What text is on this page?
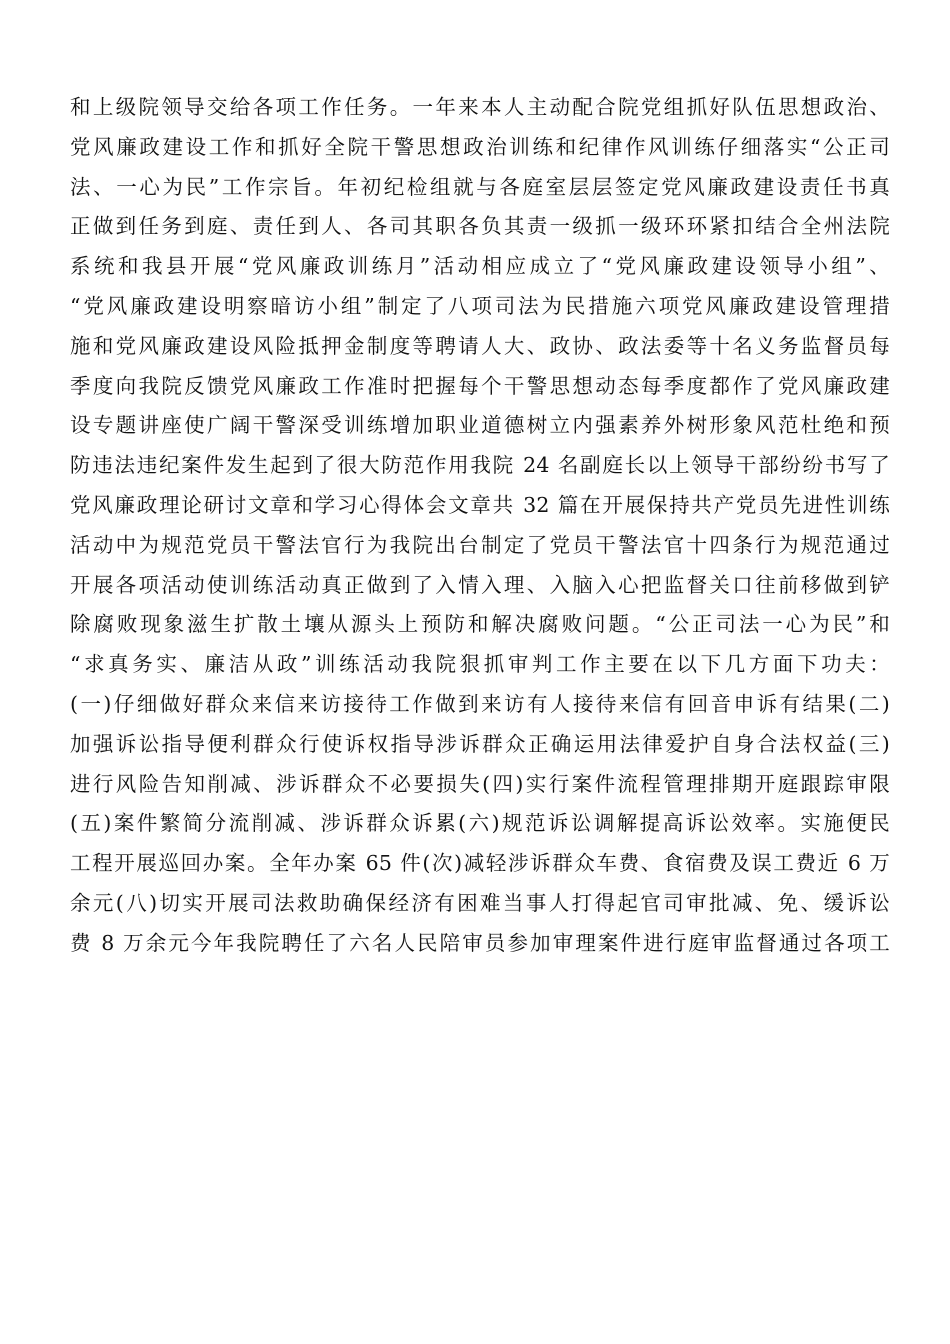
和上级院领导交给各项工作任务。一年来本人主动配合院党组抓好队伍思想政治、
党风廉政建设工作和抓好全院干警思想政治训练和纪律作风训练仔细落实“公正司
法、一心为民”工作宗旨。年初纪检组就与各庭室层层签定党风廉政建设责任书真
正做到任务到庭、责任到人、各司其职各负其责一级抓一级环环紧扣结合全州法院
系统和我县开展“党风廉政训练月”活动相应成立了“党风廉政建设领导小组”、
“党风廉政建设明察暗访小组”制定了八项司法为民措施六项党风廉政建设管理措
施和党风廉政建设风险抵押金制度等聘请人大、政协、政法委等十名义务监督员每
季度向我院反馈党风廉政工作准时把握每个干警思想动态每季度都作了党风廉政建
设专题讲座使广阔干警深受训练增加职业道德树立内强素养外树形象风范杜绝和预
防违法违纪案件发生起到了很大防范作用我院 24 名副庭长以上领导干部纷纷书写了
党风廉政理论研讨文章和学习心得体会文章共 32 篇在开展保持共产党员先进性训练
活动中为规范党员干警法官行为我院出台制定了党员干警法官十四条行为规范通过
开展各项活动使训练活动真正做到了入情入理、入脑入心把监督关口往前移做到铲
除腐败现象滋生扩散土壤从源头上预防和解决腐败问题。“公正司法一心为民”和
“求真务实、廉洁从政”训练活动我院狠抓审判工作主要在以下几方面下功夫：
(一)仔细做好群众来信来访接待工作做到来访有人接待来信有回音申诉有结果(二)
加强诉讼指导便利群众行使诉权指导涉诉群众正确运用法律爱护自身合法权益(三)
进行风险告知削减、涉诉群众不必要损失(四)实行案件流程管理排期开庭跟踪审限
(五)案件繁简分流削减、涉诉群众诉累(六)规范诉讼调解提高诉讼效率。实施便民
工程开展巡回办案。全年办案 65 件(次)减轻涉诉群众车费、食宿费及误工费近 6 万
余元(八)切实开展司法救助确保经济有困难当事人打得起官司审批减、免、缓诉讼
费 8 万余元今年我院聘任了六名人民陪审员参加审理案件进行庭审监督通过各项工
